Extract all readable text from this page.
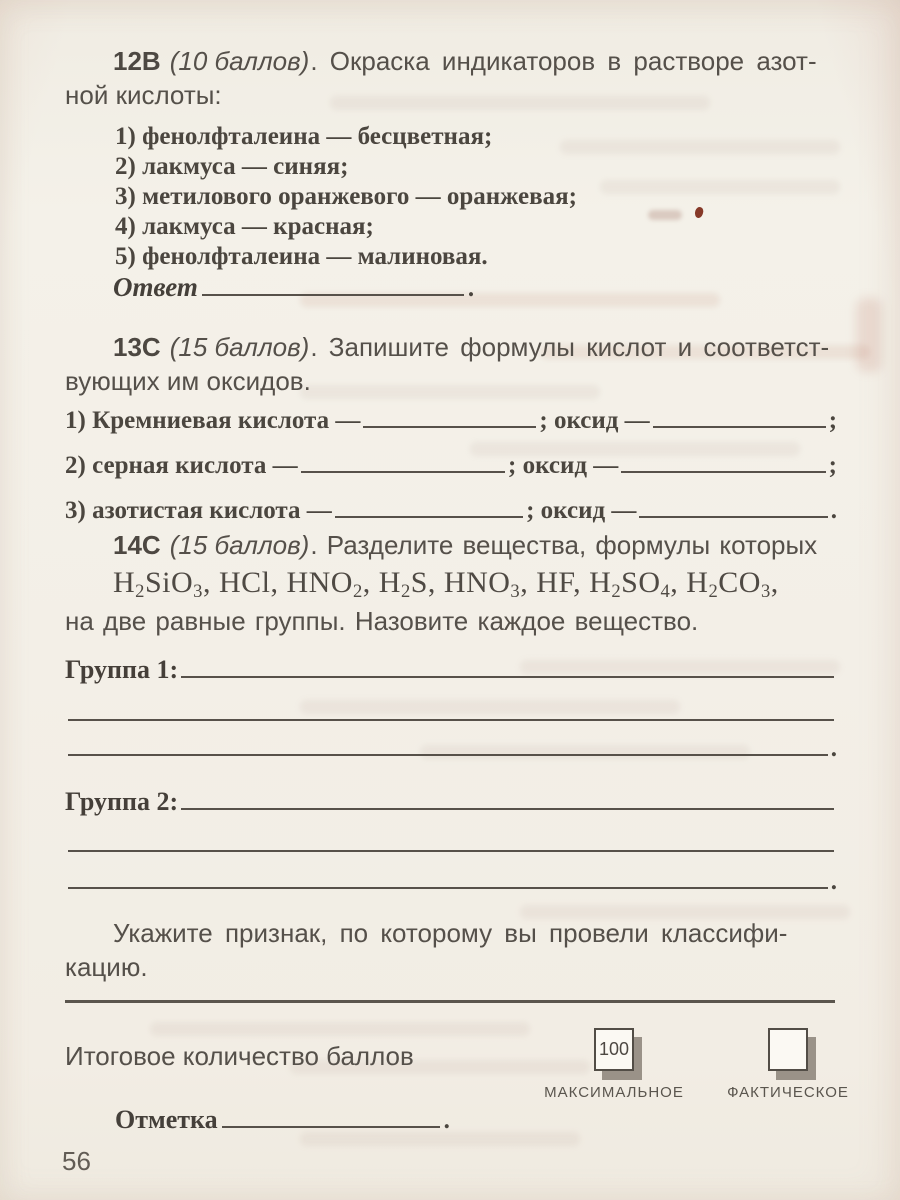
12В (10 баллов). Окраска индикаторов в растворе азот-
ной кислоты:

1) фенолфталеина — бесцветная;
2) лакмуса — синяя;
3) метилового оранжевого — оранжевая;
4) лакмуса — красная;
5) фенолфталеина — малиновая.
Ответ	.

13С (15 баллов). Запишите формулы кислот и соответст-
вующих им оксидов.

1) Кремниевая кислота —	; оксид —	;
2) серная кислота —	; оксид —	;
3) азотистая кислота —	; оксид —	.

14С (15 баллов). Разделите вещества, формулы которых

$H_2SiO_3$, HCl, $HNO_2$, $H_2S$, $HNO_3$, HF, $H_2SO_4$, $H_2CO_3$,

на две равные группы. Назовите каждое вещество.

Группа 1:
.
Группа 2:
.

Укажите признак, по которому вы провели классифи-
кацию.

Итоговое количество баллов	100
МАКСИМАЛЬНОЕ	ФАКТИЧЕСКОЕ
Отметка	.
56
